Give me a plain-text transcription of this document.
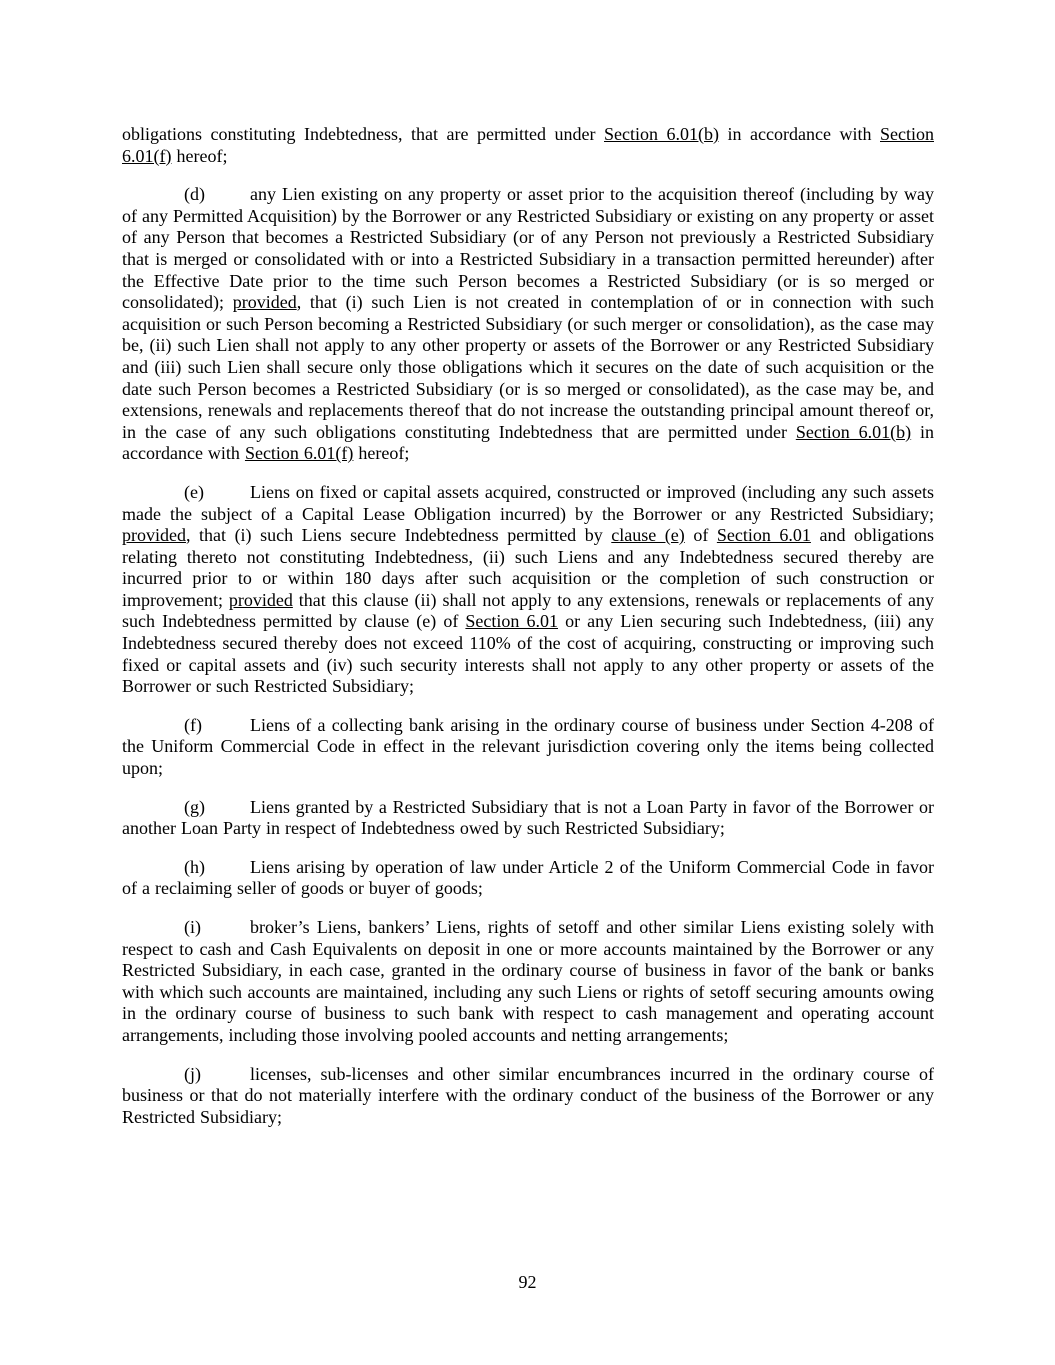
obligations constituting Indebtedness, that are permitted under Section 6.01(b) in accordance with Section 6.01(f) hereof;

(d)	any Lien existing on any property or asset prior to the acquisition thereof (including by way of any Permitted Acquisition) by the Borrower or any Restricted Subsidiary or existing on any property or asset of any Person that becomes a Restricted Subsidiary (or of any Person not previously a Restricted Subsidiary that is merged or consolidated with or into a Restricted Subsidiary in a transaction permitted hereunder) after the Effective Date prior to the time such Person becomes a Restricted Subsidiary (or is so merged or consolidated); provided, that (i) such Lien is not created in contemplation of or in connection with such acquisition or such Person becoming a Restricted Subsidiary (or such merger or consolidation), as the case may be, (ii) such Lien shall not apply to any other property or assets of the Borrower or any Restricted Subsidiary and (iii) such Lien shall secure only those obligations which it secures on the date of such acquisition or the date such Person becomes a Restricted Subsidiary (or is so merged or consolidated), as the case may be, and extensions, renewals and replacements thereof that do not increase the outstanding principal amount thereof or, in the case of any such obligations constituting Indebtedness that are permitted under Section 6.01(b) in accordance with Section 6.01(f) hereof;

(e)	Liens on fixed or capital assets acquired, constructed or improved (including any such assets made the subject of a Capital Lease Obligation incurred) by the Borrower or any Restricted Subsidiary; provided, that (i) such Liens secure Indebtedness permitted by clause (e) of Section 6.01 and obligations relating thereto not constituting Indebtedness, (ii) such Liens and any Indebtedness secured thereby are incurred prior to or within 180 days after such acquisition or the completion of such construction or improvement; provided that this clause (ii) shall not apply to any extensions, renewals or replacements of any such Indebtedness permitted by clause (e) of Section 6.01 or any Lien securing such Indebtedness, (iii) any Indebtedness secured thereby does not exceed 110% of the cost of acquiring, constructing or improving such fixed or capital assets and (iv) such security interests shall not apply to any other property or assets of the Borrower or such Restricted Subsidiary;

(f)	Liens of a collecting bank arising in the ordinary course of business under Section 4-208 of the Uniform Commercial Code in effect in the relevant jurisdiction covering only the items being collected upon;

(g)	Liens granted by a Restricted Subsidiary that is not a Loan Party in favor of the Borrower or another Loan Party in respect of Indebtedness owed by such Restricted Subsidiary;

(h)	Liens arising by operation of law under Article 2 of the Uniform Commercial Code in favor of a reclaiming seller of goods or buyer of goods;

(i)	broker’s Liens, bankers’ Liens, rights of setoff and other similar Liens existing solely with respect to cash and Cash Equivalents on deposit in one or more accounts maintained by the Borrower or any Restricted Subsidiary, in each case, granted in the ordinary course of business in favor of the bank or banks with which such accounts are maintained, including any such Liens or rights of setoff securing amounts owing in the ordinary course of business to such bank with respect to cash management and operating account arrangements, including those involving pooled accounts and netting arrangements;

(j)	licenses, sub-licenses and other similar encumbrances incurred in the ordinary course of business or that do not materially interfere with the ordinary conduct of the business of the Borrower or any Restricted Subsidiary;

92
